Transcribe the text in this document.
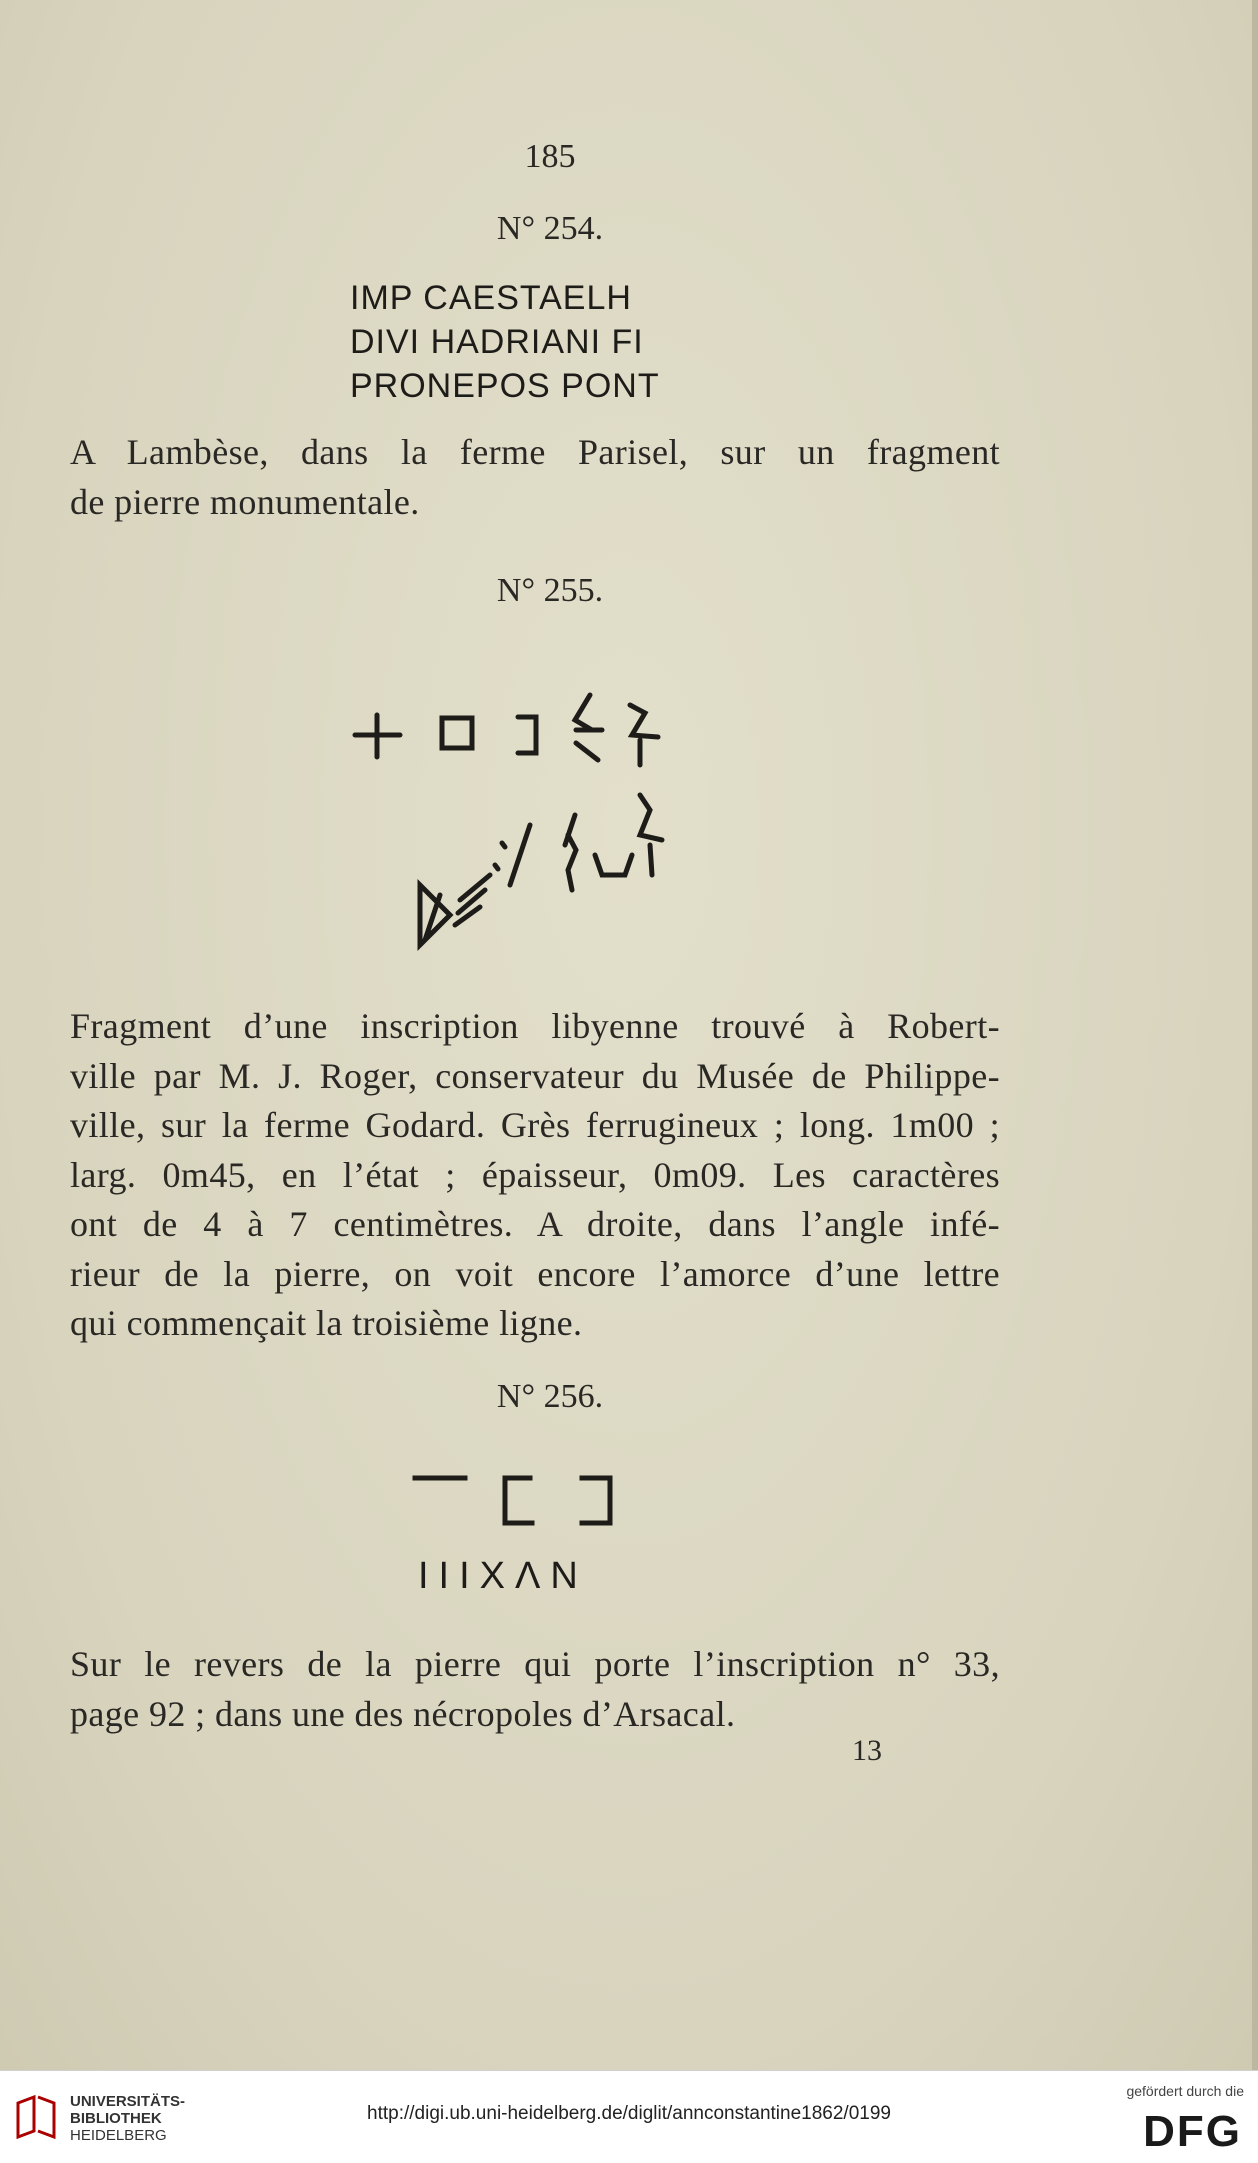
185
N° 254.
IMP CAESTAELH
DIVI HADRIANI FI
PRONEPOS PONT
A Lambèse, dans la ferme Parisel, sur un fragment
de pierre monumentale.
N° 255.
Fragment d’une inscription libyenne trouvé à Robert-
ville par M. J. Roger, conservateur du Musée de Philippe-
ville, sur la ferme Godard. Grès ferrugineux ; long. 1m00 ;
larg. 0m45, en l’état ; épaisseur, 0m09. Les caractères
ont de 4 à 7 centimètres. A droite, dans l’angle infé-
rieur de la pierre, on voit encore l’amorce d’une lettre
qui commençait la troisième ligne.
N° 256.
IIIXΛN
Sur le revers de la pierre qui porte l’inscription n° 33,
page 92 ; dans une des nécropoles d’Arsacal.
13
UNIVERSITÄTS-
BIBLIOTHEK
HEIDELBERG
http://digi.ub.uni-heidelberg.de/diglit/annconstantine1862/0199
gefördert durch die
DFG
